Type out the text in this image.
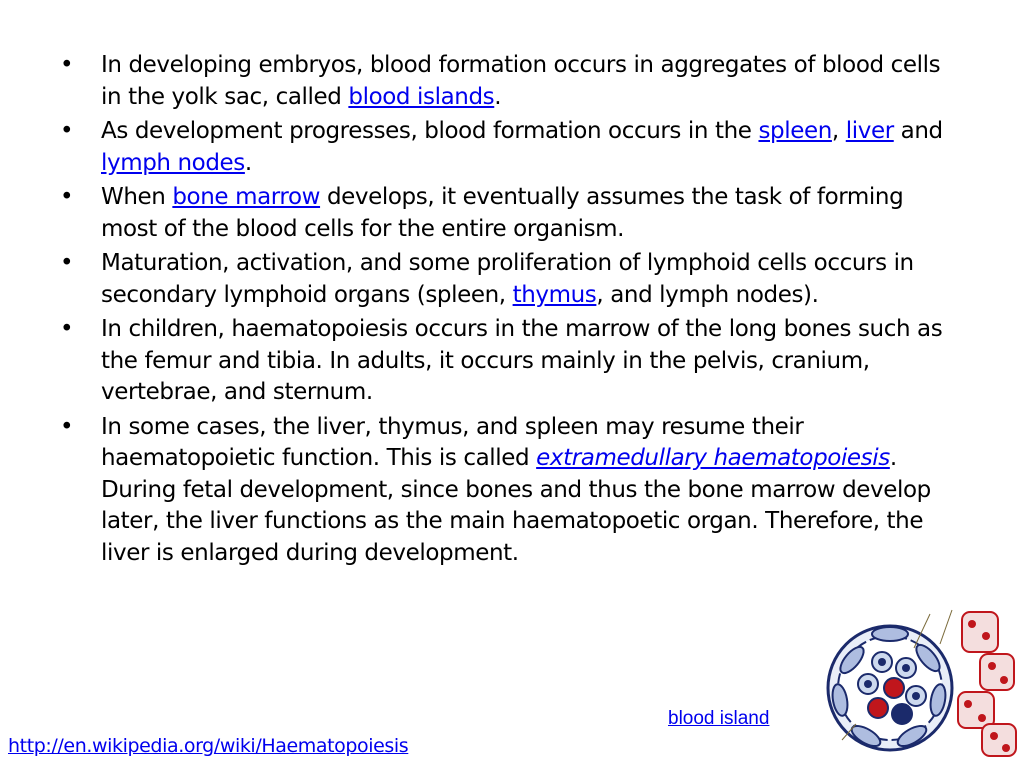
• In developing embryos, blood formation occurs in aggregates of blood cells in the yolk sac, called blood islands.
• As development progresses, blood formation occurs in the spleen, liver and lymph nodes.
• When bone marrow develops, it eventually assumes the task of forming most of the blood cells for the entire organism.
• Maturation, activation, and some proliferation of lymphoid cells occurs in secondary lymphoid organs (spleen, thymus, and lymph nodes).
• In children, haematopoiesis occurs in the marrow of the long bones such as the femur and tibia. In adults, it occurs mainly in the pelvis, cranium, vertebrae, and sternum.
• In some cases, the liver, thymus, and spleen may resume their haematopoietic function. This is called extramedullary haematopoiesis. During fetal development, since bones and thus the bone marrow develop later, the liver functions as the main haematopoetic organ. Therefore, the liver is enlarged during development.
blood island
http://en.wikipedia.org/wiki/Haematopoiesis
